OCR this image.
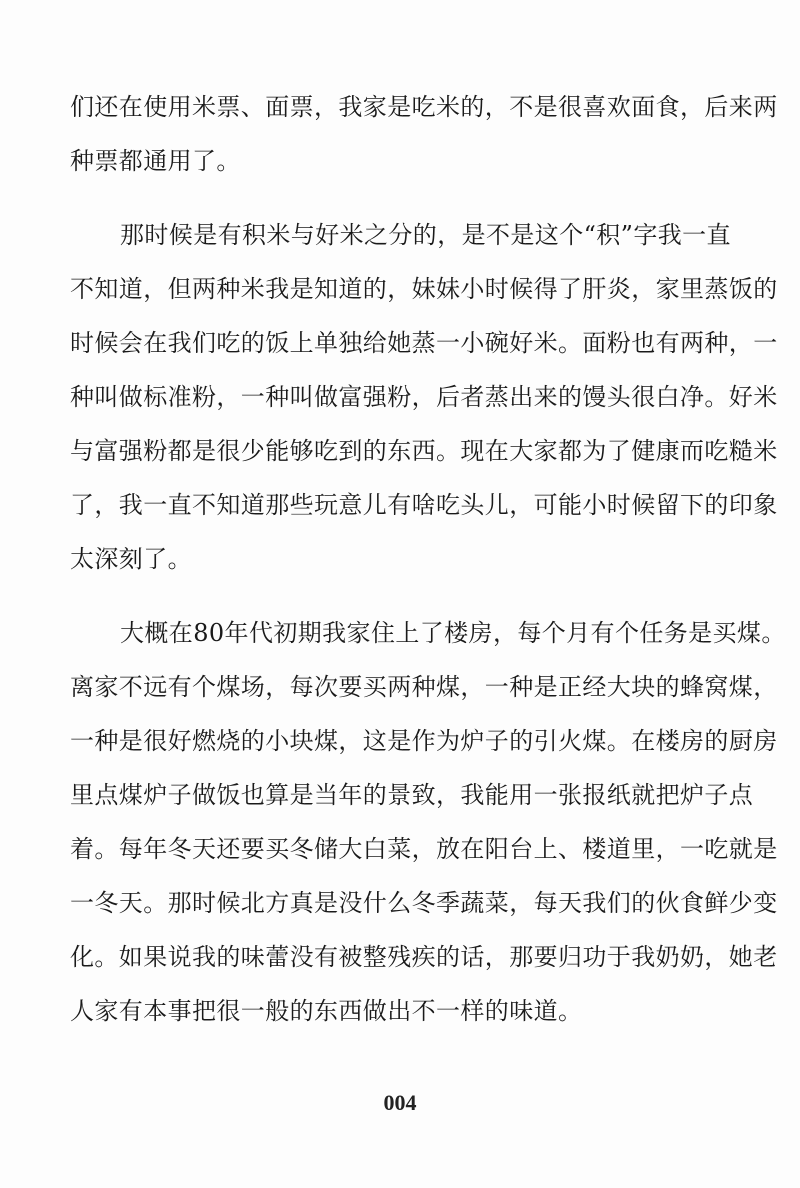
们还在使用米票、面票，我家是吃米的，不是很喜欢面食，后来两
种票都通用了。
那时候是有积米与好米之分的，是不是这个“积”字我一直
不知道，但两种米我是知道的，妹妹小时候得了肝炎，家里蒸饭的
时候会在我们吃的饭上单独给她蒸一小碗好米。面粉也有两种，一
种叫做标准粉，一种叫做富强粉，后者蒸出来的馒头很白净。好米
与富强粉都是很少能够吃到的东西。现在大家都为了健康而吃糙米
了，我一直不知道那些玩意儿有啥吃头儿，可能小时候留下的印象
太深刻了。
大概在80年代初期我家住上了楼房，每个月有个任务是买煤。
离家不远有个煤场，每次要买两种煤，一种是正经大块的蜂窝煤，
一种是很好燃烧的小块煤，这是作为炉子的引火煤。在楼房的厨房
里点煤炉子做饭也算是当年的景致，我能用一张报纸就把炉子点
着。每年冬天还要买冬储大白菜，放在阳台上、楼道里，一吃就是
一冬天。那时候北方真是没什么冬季蔬菜，每天我们的伙食鲜少变
化。如果说我的味蕾没有被整残疾的话，那要归功于我奶奶，她老
人家有本事把很一般的东西做出不一样的味道。
004
